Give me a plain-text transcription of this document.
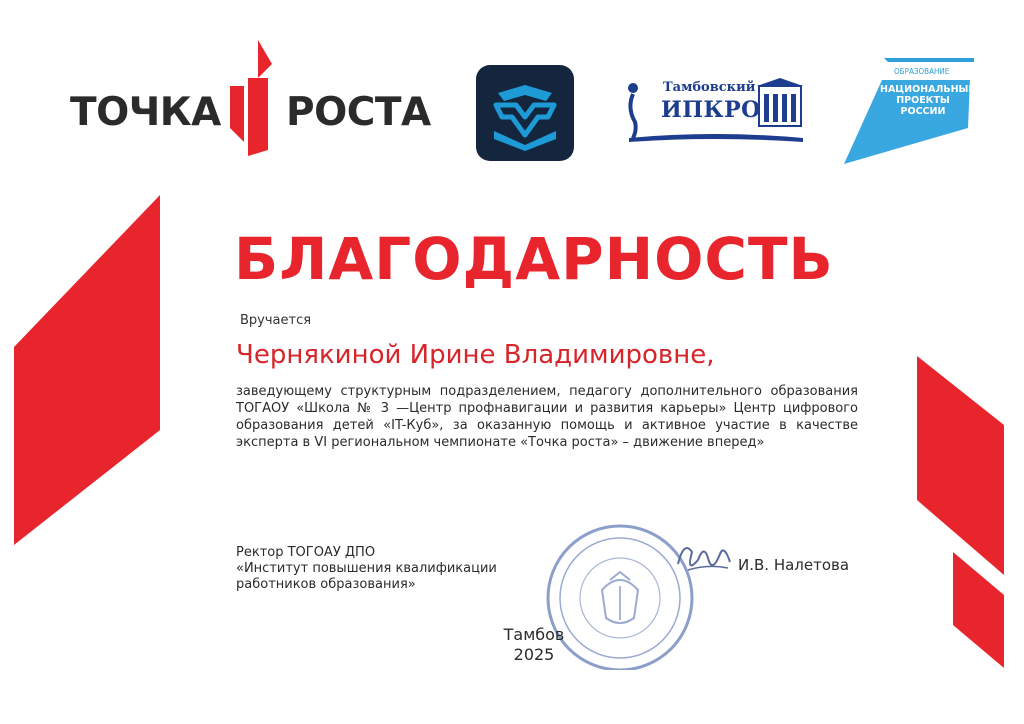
ТОЧКА РОСТА
Тамбовский
ИПКРО
ОБРАЗОВАНИЕ
НАЦИОНАЛЬНЫЕ ПРОЕКТЫ РОССИИ
БЛАГОДАРНОСТЬ
Вручается
Чернякиной Ирине Владимировне,
заведующему структурным подразделением, педагогу дополнительного образования ТОГАОУ «Школа № 3 —Центр профнавигации и развития карьеры» Центр цифрового образования детей «IT-Куб», за оказанную помощь и активное участие в качестве эксперта в VI региональном чемпионате «Точка роста» – движение вперед»
Ректор ТОГОАУ ДПО
«Институт повышения квалификации
работников образования»
И.В. Налетова
Тамбов
2025
